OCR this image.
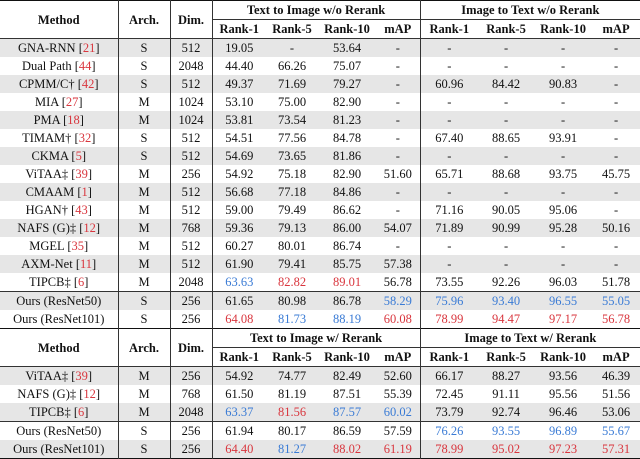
Method	Arch.	Dim.	Text to Image w/o Rerank				Image to Text w/o Rerank			
			Rank-1	Rank-5	Rank-10	mAP	Rank-1	Rank-5	Rank-10	mAP
GNA-RNN [21]	S	512	19.05	-	53.64	-	-	-	-	-
Dual Path [44]	S	2048	44.40	66.26	75.07	-	-	-	-	-
CPMM/C† [42]	S	512	49.37	71.69	79.27	-	60.96	84.42	90.83	-
MIA [27]	M	1024	53.10	75.00	82.90	-	-	-	-	-
PMA [18]	M	1024	53.81	73.54	81.23	-	-	-	-	-
TIMAM† [32]	S	512	54.51	77.56	84.78	-	67.40	88.65	93.91	-
CKMA [5]	S	512	54.69	73.65	81.86	-	-	-	-	-
ViTAA‡ [39]	M	256	54.92	75.18	82.90	51.60	65.71	88.68	93.75	45.75
CMAAM [1]	M	512	56.68	77.18	84.86	-	-	-	-	-
HGAN† [43]	M	512	59.00	79.49	86.62	-	71.16	90.05	95.06	-
NAFS (G)‡ [12]	M	768	59.36	79.13	86.00	54.07	71.89	90.99	95.28	50.16
MGEL [35]	M	512	60.27	80.01	86.74	-	-	-	-	-
AXM-Net [11]	M	512	61.90	79.41	85.75	57.38	-	-	-	-
TIPCB‡ [6]	M	2048	63.63	82.82	89.01	56.78	73.55	92.26	96.03	51.78
Ours (ResNet50)	S	256	61.65	80.98	86.78	58.29	75.96	93.40	96.55	55.05
Ours (ResNet101)	S	256	64.08	81.73	88.19	60.08	78.99	94.47	97.17	56.78
Method	Arch.	Dim.	Text to Image w/ Rerank				Image to Text w/ Rerank			
			Rank-1	Rank-5	Rank-10	mAP	Rank-1	Rank-5	Rank-10	mAP
ViTAA‡ [39]	M	256	54.92	74.77	82.49	52.60	66.17	88.27	93.56	46.39
NAFS (G)‡ [12]	M	768	61.50	81.19	87.51	55.39	72.45	91.11	95.56	51.56
TIPCB‡ [6]	M	2048	63.37	81.56	87.57	60.02	73.79	92.74	96.46	53.06
Ours (ResNet50)	S	256	61.94	80.17	86.59	57.59	76.26	93.55	96.89	55.67
Ours (ResNet101)	S	256	64.40	81.27	88.02	61.19	78.99	95.02	97.23	57.31
